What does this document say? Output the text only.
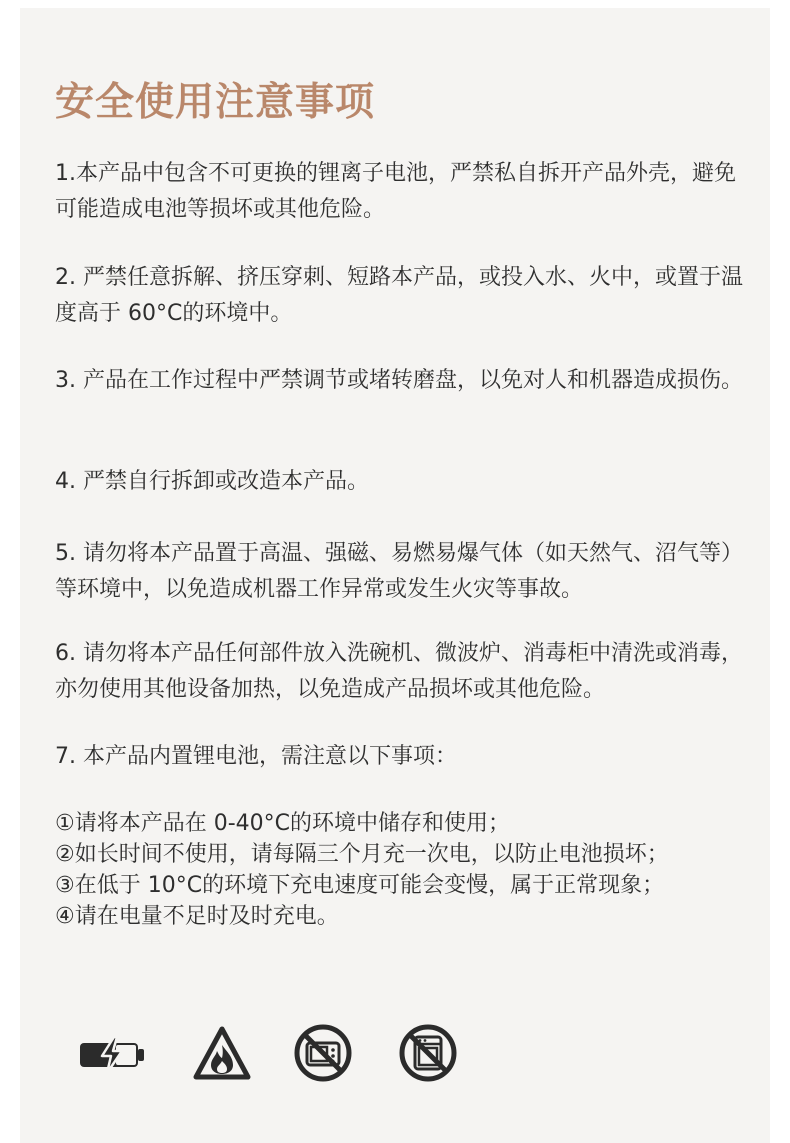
安全使用注意事项

1.本产品中包含不可更换的锂离子电池，严禁私自拆开产品外壳，避免可能造成电池等损坏或其他危险。

2. 严禁任意拆解、挤压穿刺、短路本产品，或投入水、火中，或置于温度高于 60°C的环境中。

3. 产品在工作过程中严禁调节或堵转磨盘，以免对人和机器造成损伤。

4. 严禁自行拆卸或改造本产品。

5. 请勿将本产品置于高温、强磁、易燃易爆气体（如天然气、沼气等）等环境中，以免造成机器工作异常或发生火灾等事故。

6. 请勿将本产品任何部件放入洗碗机、微波炉、消毒柜中清洗或消毒，亦勿使用其他设备加热，以免造成产品损坏或其他危险。

7. 本产品内置锂电池，需注意以下事项：

①请将本产品在 0-40°C的环境中储存和使用；
②如长时间不使用，请每隔三个月充一次电，以防止电池损坏；
③在低于 10°C的环境下充电速度可能会变慢，属于正常现象；
④请在电量不足时及时充电。
